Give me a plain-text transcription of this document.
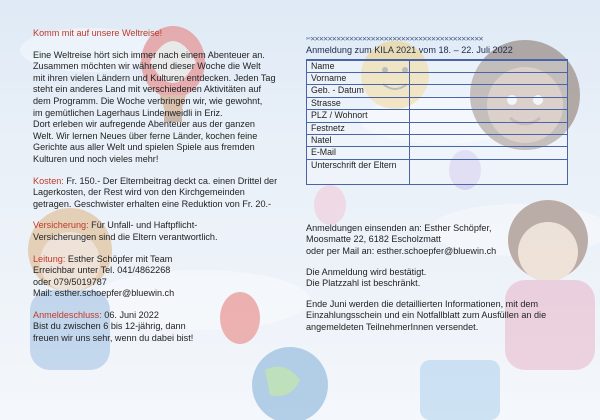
Komm mit auf unsere Weltreise!

Eine Weltreise hört sich immer nach einem Abenteuer an.
Zusammen möchten wir während dieser Woche die Welt
mit ihren vielen Ländern und Kulturen entdecken. Jeden Tag
steht ein anderes Land mit verschiedenen Aktivitäten auf
dem Programm. Die Woche verbringen wir, wie gewohnt,
im gemütlichen Lagerhaus Lindenweidli in Eriz.
Dort erleben wir aufregende Abenteuer aus der ganzen
Welt. Wir lernen Neues über ferne Länder, kochen feine
Gerichte aus aller Welt und spielen Spiele aus fremden
Kulturen und noch vieles mehr!

Kosten: Fr. 150.- Der Elternbeitrag deckt ca. einen Drittel der
Lagerkosten, der Rest wird von den Kirchgemeinden
getragen. Geschwister erhalten eine Reduktion von Fr. 20.-

Versicherung: Für Unfall- und Haftpflicht-
Versicherungen sind die Eltern verantwortlich.

Leitung: Esther Schöpfer mit Team
Erreichbar unter Tel. 041/4862268
oder 079/5019787
Mail: esther.schoepfer@bluewin.ch

Anmeldeschluss: 06. Juni 2022
Bist du zwischen 6 bis 12-jährig, dann
freuen wir uns sehr, wenn du dabei bist!

✂✕✕✕✕✕✕✕✕✕✕✕✕✕✕✕✕✕✕✕✕✕✕✕✕✕✕✕✕✕✕✕✕✕✕✕✕✕✕✕✕
Anmeldung zum KILA 2021 vom 18. – 22. Juli 2022
Name
Vorname
Geb. - Datum
Strasse
PLZ / Wohnort
Festnetz
Natel
E-Mail
Unterschrift der Eltern

Anmeldungen einsenden an: Esther Schöpfer,
Moosmatte 22, 6182 Escholzmatt
oder per Mail an: esther.schoepfer@bluewin.ch

Die Anmeldung wird bestätigt.
Die Platzzahl ist beschränkt.

Ende Juni werden die detaillierten Informationen, mit dem
Einzahlungsschein und ein Notfallblatt zum Ausfüllen an die
angemeldeten TeilnehmerInnen versendet.
